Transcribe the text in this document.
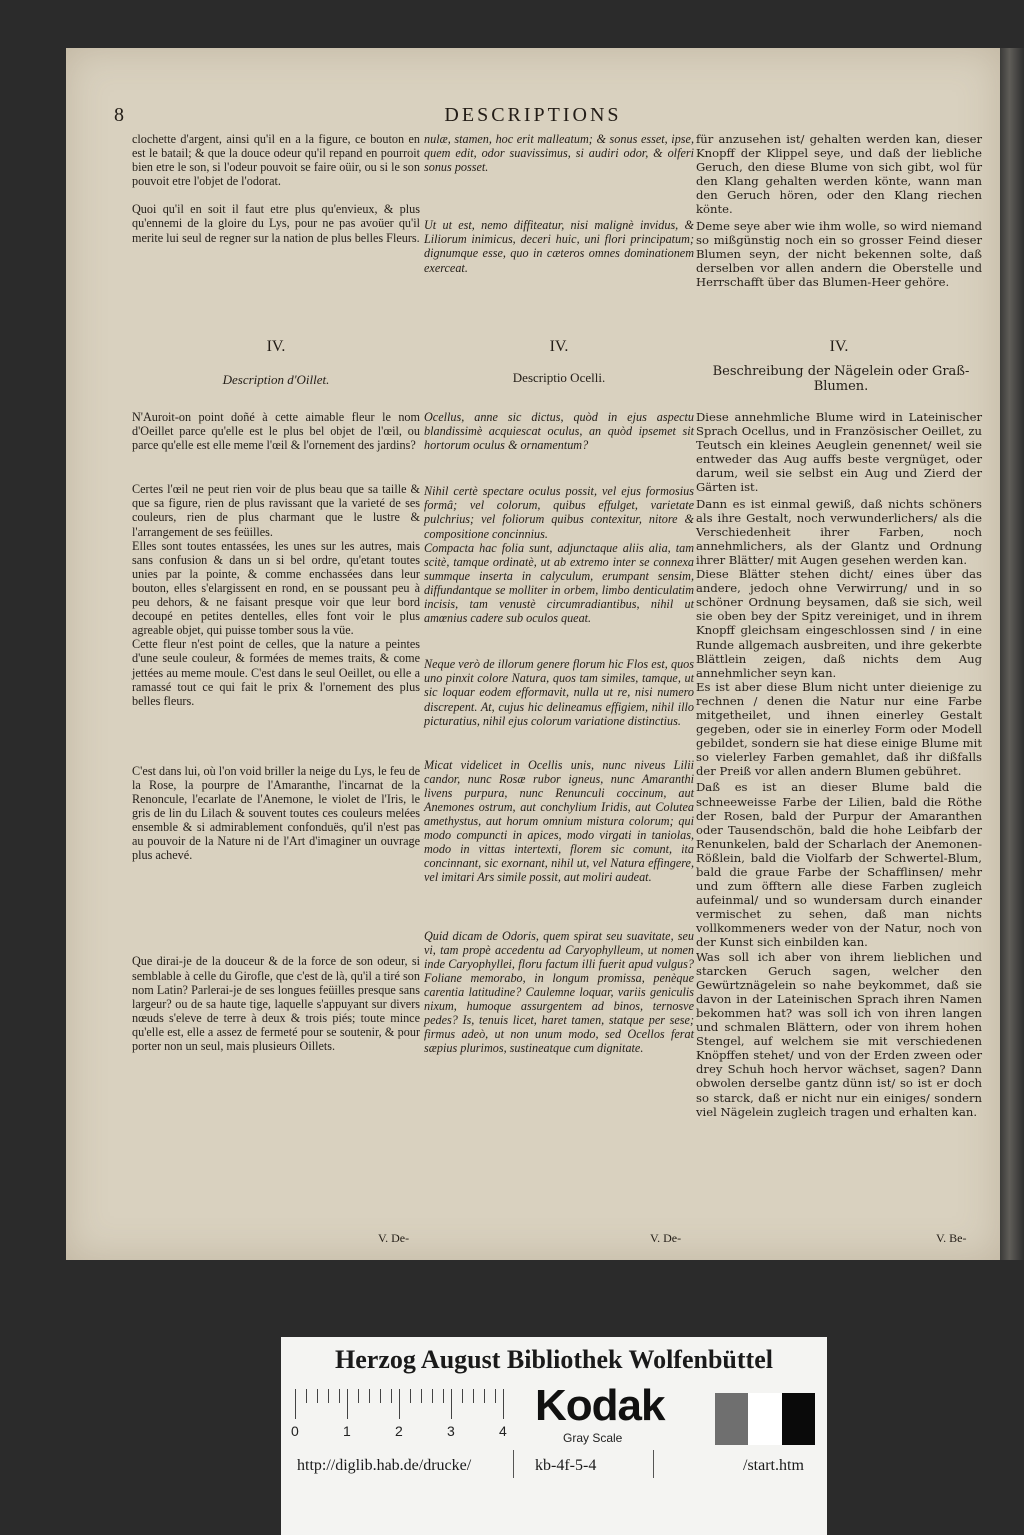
8	DESCRIPTIONS

clochette d'argent, ainsi qu'il en a la figure, ce bouton en est le batail; & que la douce odeur qu'il repand en pourroit bien etre le son, si l'odeur pouvoit se faire oüir, ou si le son pouvoit etre l'objet de l'odorat.

Quoi qu'il en soit il faut etre plus qu'envieux, & plus qu'ennemi de la gloire du Lys, pour ne pas avoüer qu'il merite lui seul de regner sur la nation de plus belles Fleurs.

nulæ, stamen, hoc erit malleatum; & sonus esset, ipse, quem edit, odor suavissimus, si audiri odor, & olferi sonus posset.

Ut ut est, nemo diffiteatur, nisi malignè invidus, & Liliorum inimicus, deceri huic, uni flori principatum; dignumque esse, quo in cæteros omnes dominationem exerceat.

für anzusehen ist/ gehalten werden kan, dieser Knopff der Klippel seye, und daß der liebliche Geruch, den diese Blume von sich gibt, wol für den Klang gehalten werden könte, wann man den Geruch hören, oder den Klang riechen könte.

Deme seye aber wie ihm wolle, so wird niemand so mißgünstig noch ein so grosser Feind dieser Blumen seyn, der nicht bekennen solte, daß derselben vor allen andern die Oberstelle und Herrschafft über das Blumen-Heer gehöre.

IV.	IV.	IV.
Description d'Oillet.	Descriptio Ocelli.	Beschreibung der Nägelein oder Graß-Blumen.

N'Auroit-on point doñé à cette aimable fleur le nom d'Oeillet parce qu'elle est le plus bel objet de l'œil, ou parce qu'elle est elle meme l'œil & l'ornement des jardins?

Certes l'œil ne peut rien voir de plus beau que sa taille & que sa figure, rien de plus ravissant que la varieté de ses couleurs, rien de plus charmant que le lustre & l'arrangement de ses feüilles.
Elles sont toutes entassées, les unes sur les autres, mais sans confusion & dans un si bel ordre, qu'etant toutes unies par la pointe, & comme enchassées dans leur bouton, elles s'elargissent en rond, en se poussant peu à peu dehors, & ne faisant presque voir que leur bord decoupé en petites dentelles, elles font voir le plus agreable objet, qui puisse tomber sous la vüe.
Cette fleur n'est point de celles, que la nature a peintes d'une seule couleur, & formées de memes traits, & come jettées au meme moule. C'est dans le seul Oeillet, ou elle a ramassé tout ce qui fait le prix & l'ornement des plus belles fleurs.

C'est dans lui, où l'on void briller la neige du Lys, le feu de la Rose, la pourpre de l'Amaranthe, l'incarnat de la Renoncule, l'ecarlate de l'Anemone, le violet de l'Iris, le gris de lin du Lilach & souvent toutes ces couleurs melées ensemble & si admirablement confonduës, qu'il n'est pas au pouvoir de la Nature ni de l'Art d'imaginer un ouvrage plus achevé.

Que dirai-je de la douceur & de la force de son odeur, si semblable à celle du Girofle, que c'est de là, qu'il a tiré son nom Latin? Parlerai-je de ses longues feüilles presque sans largeur? ou de sa haute tige, laquelle s'appuyant sur divers nœuds s'eleve de terre à deux & trois piés; toute mince qu'elle est, elle a assez de fermeté pour se soutenir, & pour porter non un seul, mais plusieurs Oillets.

Ocellus, anne sic dictus, quòd in ejus aspectu blandissimè acquiescat oculus, an quòd ipsemet sit hortorum oculus & ornamentum?

Nihil certè spectare oculus possit, vel ejus formosius formâ; vel colorum, quibus effulget, varietate pulchrius; vel foliorum quibus contexitur, nitore & compositione concinnius.
Compacta hac folia sunt, adjunctaque aliis alia, tam scitè, tamque ordinatè, ut ab extremo inter se connexa summque inserta in calyculum, erumpant sensim, diffundantque se molliter in orbem, limbo denticulatim incisis, tam venustè circumradiantibus, nihil ut amœnius cadere sub oculos queat.

Neque verò de illorum genere florum hic Flos est, quos uno pinxit colore Natura, quos tam similes, tamque, ut sic loquar eodem efformavit, nulla ut re, nisi numero discrepent. At, cujus hic delineamus effigiem, nihil illo picturatius, nihil ejus colorum variatione distinctius.

Micat videlicet in Ocellis unis, nunc niveus Lilii candor, nunc Rosæ rubor igneus, nunc Amaranthi livens purpura, nunc Renunculi coccinum, aut Anemones ostrum, aut conchylium Iridis, aut Colutea amethystus, aut horum omnium mistura colorum; qui modo compuncti in apices, modo virgati in taniolas, modo in vittas intertexti, florem sic comunt, ita concinnant, sic exornant, nihil ut, vel Natura effingere, vel imitari Ars simile possit, aut moliri audeat.

Quid dicam de Odoris, quem spirat seu suavitate, seu vi, tam propè accedentu ad Caryophylleum, ut nomen inde Caryophyllei, floru factum illi fuerit apud vulgus? Foliane memorabo, in longum promissa, penèque carentia latitudine? Caulemne loquar, variis geniculis nixum, humoque assurgentem ad binos, ternosve pedes? Is, tenuis licet, haret tamen, statque per sese; firmus adeò, ut non unum modo, sed Ocellos ferat sæpius plurimos, sustineatque cum dignitate.

Diese annehmliche Blume wird in Lateinischer Sprach Ocellus, und in Französischer Oeillet, zu Teutsch ein kleines Aeuglein genennet/ weil sie entweder das Aug auffs beste vergnüget, oder darum, weil sie selbst ein Aug und Zierd der Gärten ist.

Dann es ist einmal gewiß, daß nichts schöners als ihre Gestalt, noch verwunderlichers/ als die Verschiedenheit ihrer Farben, noch annehmlichers, als der Glantz und Ordnung ihrer Blätter/ mit Augen gesehen werden kan.
Diese Blätter stehen dicht/ eines über das andere, jedoch ohne Verwirrung/ und in so schöner Ordnung beysamen, daß sie sich, weil sie oben bey der Spitz vereiniget, und in ihrem Knopff gleichsam eingeschlossen sind / in eine Runde allgemach ausbreiten, und ihre gekerbte Blättlein zeigen, daß nichts dem Aug annehmlicher seyn kan.
Es ist aber diese Blum nicht unter dieienige zu rechnen / denen die Natur nur eine Farbe mitgetheilet, und ihnen einerley Gestalt gegeben, oder sie in einerley Form oder Modell gebildet, sondern sie hat diese einige Blume mit so vielerley Farben gemahlet, daß ihr dißfalls der Preiß vor allen andern Blumen gebühret.

Daß es ist an dieser Blume bald die schneeweisse Farbe der Lilien, bald die Röthe der Rosen, bald der Purpur der Amaranthen oder Tausendschön, bald die hohe Leibfarb der Renunkelen, bald der Scharlach der Anemonen-Rößlein, bald die Violfarb der Schwertel-Blum, bald die graue Farbe der Schafflinsen/ mehr und zum öfftern alle diese Farben zugleich aufeinmal/ und so wundersam durch einander vermischet zu sehen, daß man nichts vollkommeners weder von der Natur, noch von der Kunst sich einbilden kan.
Was soll ich aber von ihrem lieblichen und starcken Geruch sagen, welcher den Gewürtznägelein so nahe beykommet, daß sie davon in der Lateinischen Sprach ihren Namen bekommen hat? was soll ich von ihren langen und schmalen Blättern, oder von ihrem hohen Stengel, auf welchem sie mit verschiedenen Knöpffen stehet/ und von der Erden zween oder drey Schuh hoch hervor wächset, sagen? Dann obwolen derselbe gantz dünn ist/ so ist er doch so starck, daß er nicht nur ein einiges/ sondern viel Nägelein zugleich tragen und erhalten kan.

V. De-	V. De-	V. Be-
Herzog August Bibliothek Wolfenbüttel
0	1	2	3	4
Kodak
Gray Scale
http://diglib.hab.de/drucke/	kb-4f-5-4	/start.htm
